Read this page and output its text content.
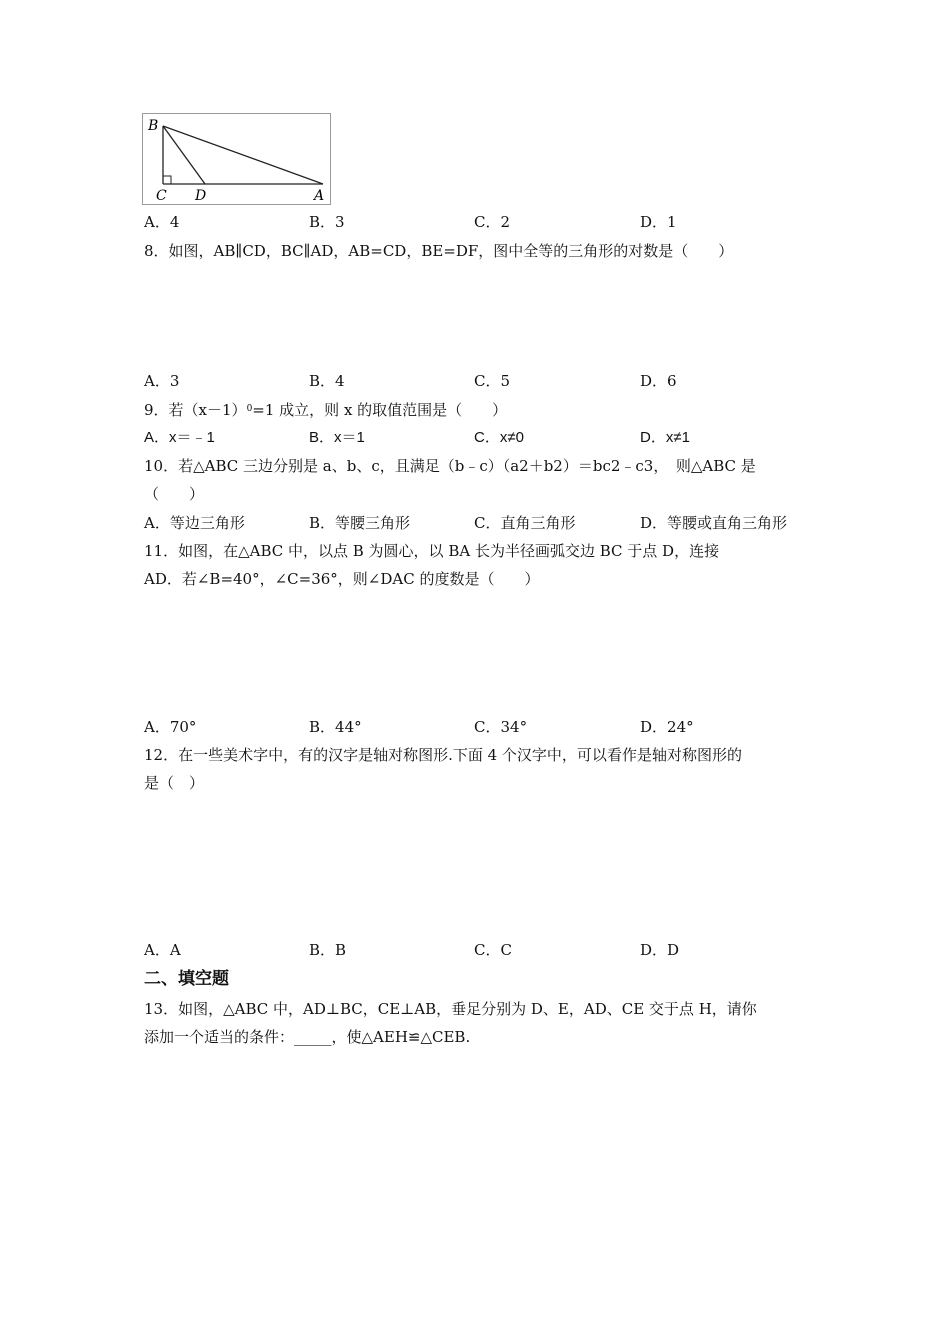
B
C D	A
A．4	B．3	C．2	D．1
8．如图，AB∥CD，BC∥AD，AB=CD，BE=DF，图中全等的三角形的对数是（　　）
A．3	B．4	C．5	D．6
9．若$(x-1)^0=1$ 成立，则 x 的取值范围是（　　）
A．x＝﹣1	B．x＝1	C．x≠0	D．x≠1
10．若△ABC 三边分别是 a、b、c，且满足（b﹣c）（a2＋b2）＝bc2﹣c3，　则△ABC 是
（　　）
A．等边三角形	B．等腰三角形	C．直角三角形	D．等腰或直角三角形
11．如图，在△ABC 中，以点 B 为圆心，以 BA 长为半径画弧交边 BC 于点 D，连接
AD．若∠B=40°，∠C=36°，则∠DAC 的度数是（　　）
A．70°	B．44°	C．34°	D．24°
12．在一些美术字中，有的汉字是轴对称图形.下面 4 个汉字中，可以看作是轴对称图形的
是（　）
A．A	B．B	C．C	D．D
二、填空题
13．如图，△ABC 中，AD⊥BC，CE⊥AB，垂足分别为 D、E，AD、CE 交于点 H，请你
添加一个适当的条件：_____，使△AEH≌△CEB.
